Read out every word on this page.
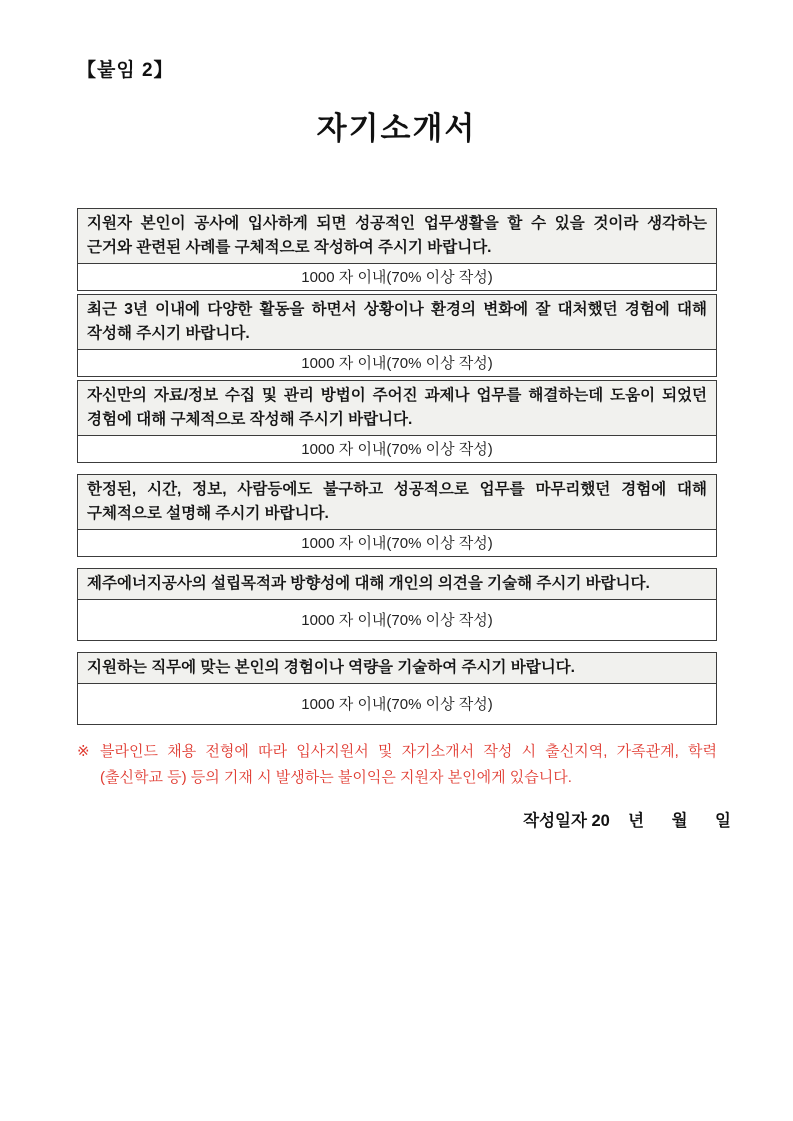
【붙임 2】
자기소개서
지원자 본인이 공사에 입사하게 되면 성공적인 업무생활을 할 수 있을 것이라 생각하는 근거와 관련된 사례를 구체적으로 작성하여 주시기 바랍니다.
1000 자 이내(70% 이상 작성)
최근 3년 이내에 다양한 활동을 하면서 상황이나 환경의 변화에 잘 대처했던 경험에 대해 작성해 주시기 바랍니다.
1000 자 이내(70% 이상 작성)
자신만의 자료/정보 수집 및 관리 방법이 주어진 과제나 업무를 해결하는데 도움이 되었던 경험에 대해 구체적으로 작성해 주시기 바랍니다.
1000 자 이내(70% 이상 작성)
한정된, 시간, 정보, 사람등에도 불구하고 성공적으로 업무를 마무리했던 경험에 대해 구체적으로 설명해 주시기 바랍니다.
1000 자 이내(70% 이상 작성)
제주에너지공사의 설립목적과 방향성에 대해 개인의 의견을 기술해 주시기 바랍니다.
1000 자 이내(70% 이상 작성)
지원하는 직무에 맞는 본인의 경험이나 역량을 기술하여 주시기 바랍니다.
1000 자 이내(70% 이상 작성)
※ 블라인드 채용 전형에 따라 입사지원서 및 자기소개서 작성 시 출신지역, 가족관계, 학력(출신학교 등) 등의 기재 시 발생하는 불이익은 지원자 본인에게 있습니다.
작성일자 20    년      월      일
